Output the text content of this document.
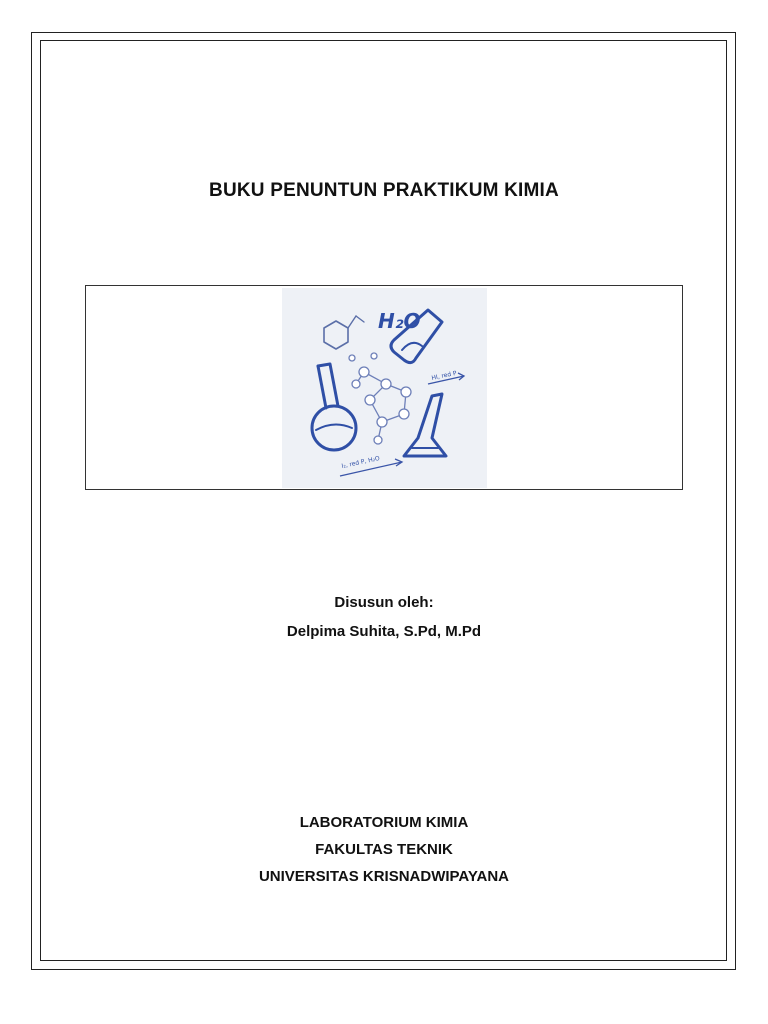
BUKU PENUNTUN PRAKTIKUM KIMIA
H₂O
HI, red P
I₂, red P, H₂O
Disusun oleh:
Delpima Suhita, S.Pd, M.Pd
LABORATORIUM KIMIA
FAKULTAS TEKNIK
UNIVERSITAS KRISNADWIPAYANA
